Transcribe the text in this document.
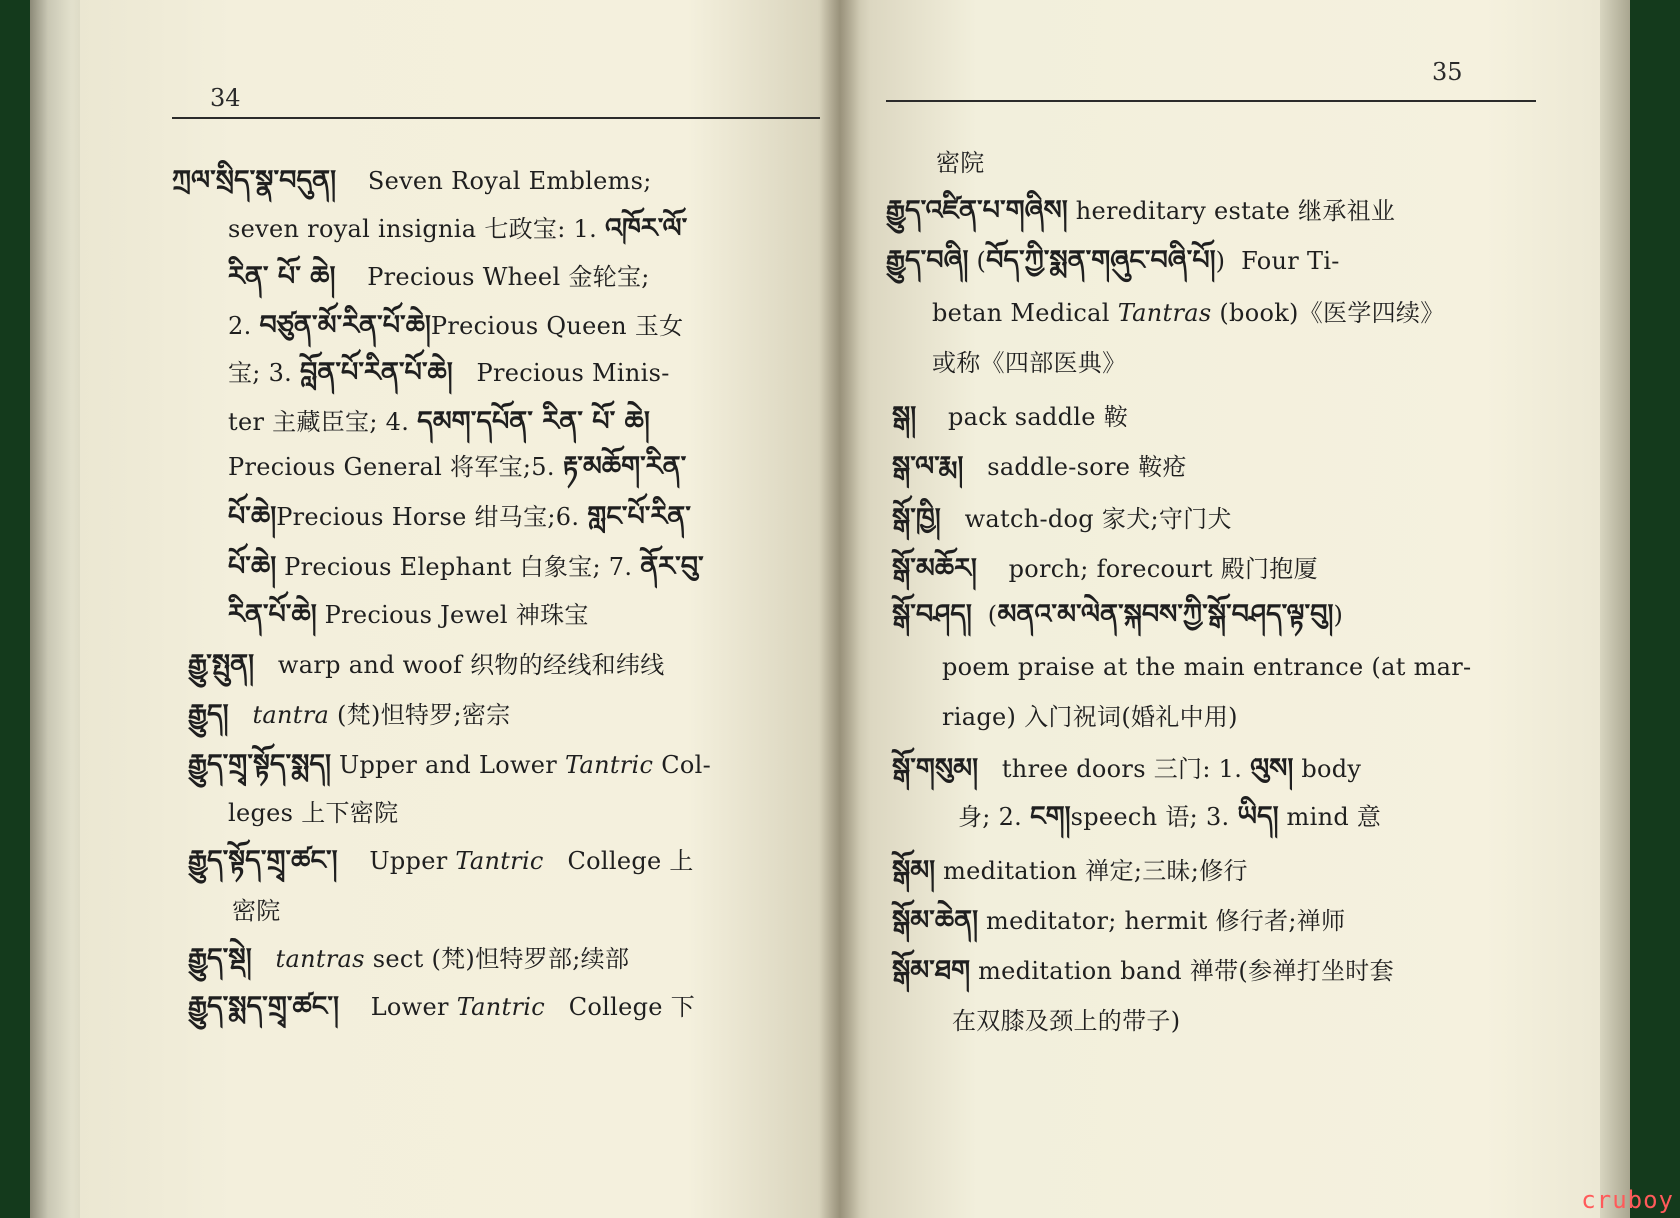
34
ཀྲལ་སྲིད་སྣ་བདུན།    Seven Royal Emblems;
seven royal insignia 七政宝: 1. འཁོར་ལོ་
རིན་ པོ་ ཆེ།    Precious Wheel 金轮宝;
2. བཙུན་མོ་རིན་པོ་ཆེ།Precious Queen 玉女
宝; 3. བློན་པོ་རིན་པོ་ཆེ།   Precious Minis-
ter 主藏臣宝; 4. དམག་དཔོན་ རིན་ པོ་ ཆེ།
Precious General 将军宝;5. རྟ་མཆོག་རིན་
པོ་ཆེ།Precious Horse 绀马宝;6. གླང་པོ་རིན་
པོ་ཆེ། Precious Elephant 白象宝; 7. ནོར་བུ་
རིན་པོ་ཆེ། Precious Jewel 神珠宝
རྒྱུ་སྤུན།   warp and woof 织物的经线和纬线
རྒྱུད། tantra (梵)怛特罗;密宗
རྒྱུད་གྲྭ་སྟོད་སྨད། Upper and Lower Tantric Col-
leges 上下密院
རྒྱུད་སྟོད་གྲྭ་ཚང་།    Upper Tantric   College 上
密院
རྒྱུད་སྡེ། tantras sect (梵)怛特罗部;续部
རྒྱུད་སྨད་གྲྭ་ཚང་།    Lower Tantric   College 下
35
密院
རྒྱུད་འཛིན་པ་གཞིས། hereditary estate 继承祖业
རྒྱུད་བཞི། (བོད་ཀྱི་སྨན་གཞུང་བཞི་པོ།)  Four Ti-
betan Medical Tantras (book)《医学四续》
或称《四部医典》
སྒ།    pack saddle 鞍
སྒ་ལ་རྨ།   saddle-sore 鞍疮
སྒོ་ཁྱི།   watch-dog 家犬;守门犬
སྒོ་མཆོར།    porch; forecourt 殿门抱厦
སྒོ་བཤད།  (མནའ་མ་ལེན་སྐབས་ཀྱི་སྒོ་བཤད་ལྟ་བུ།)
poem praise at the main entrance (at mar-
riage) 入门祝词(婚礼中用)
སྒོ་གསུམ།   three doors 三门: 1. ལུས། body
身; 2. ངག།speech 语; 3. ཡིད། mind 意
སྒོམ། meditation 禅定;三昧;修行
སྒོམ་ཆེན། meditator; hermit 修行者;禅师
སྒོམ་ཐག meditation band 禅带(参禅打坐时套
在双膝及颈上的带子)
cruboy
